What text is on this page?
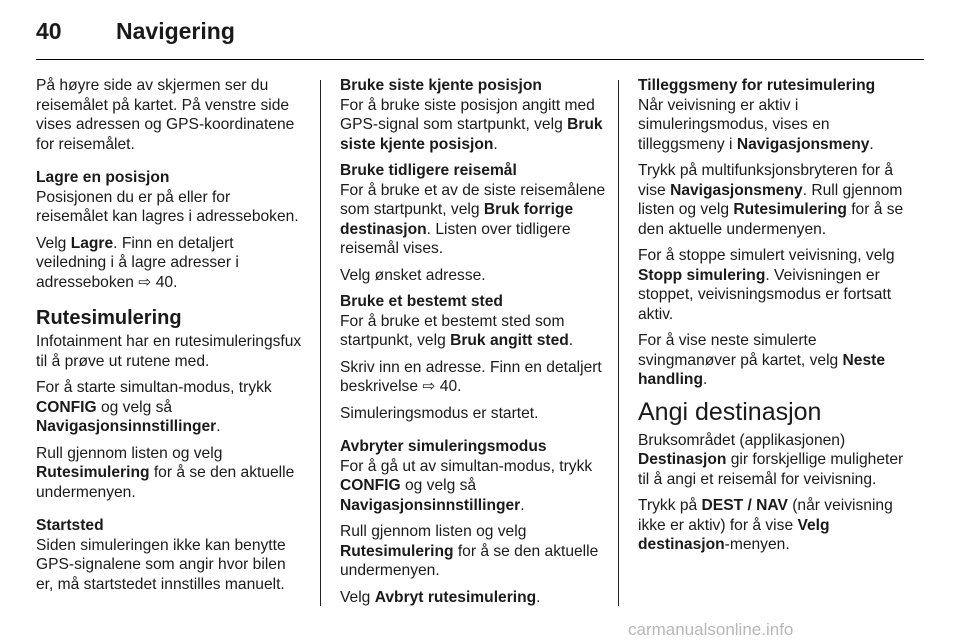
40 Navigering

På høyre side av skjermen ser du reisemålet på kartet. På venstre side vises adressen og GPS-koordinatene for reisemålet.

Lagre en posisjon

Posisjonen du er på eller for reisemålet kan lagres i adresseboken.

Velg Lagre. Finn en detaljert veiledning i å lagre adresser i adresseboken ⇨ 40.

Rutesimulering

Infotainment har en rutesimuleringsfux til å prøve ut rutene med.

For å starte simultan-modus, trykk CONFIG og velg så Navigasjonsinnstillinger.

Rull gjennom listen og velg Rutesimulering for å se den aktuelle undermenyen.

Startsted

Siden simuleringen ikke kan benytte GPS-signalene som angir hvor bilen er, må startstedet innstilles manuelt.

Bruke siste kjente posisjon

For å bruke siste posisjon angitt med GPS-signal som startpunkt, velg Bruk siste kjente posisjon.

Bruke tidligere reisemål

For å bruke et av de siste reisemålene som startpunkt, velg Bruk forrige destinasjon. Listen over tidligere reisemål vises.

Velg ønsket adresse.

Bruke et bestemt sted

For å bruke et bestemt sted som startpunkt, velg Bruk angitt sted.

Skriv inn en adresse. Finn en detaljert beskrivelse ⇨ 40.

Simuleringsmodus er startet.

Avbryter simuleringsmodus

For å gå ut av simultan-modus, trykk CONFIG og velg så Navigasjonsinnstillinger.

Rull gjennom listen og velg Rutesimulering for å se den aktuelle undermenyen.

Velg Avbryt rutesimulering.

Tilleggsmeny for rutesimulering

Når veivisning er aktiv i simuleringsmodus, vises en tilleggsmeny i Navigasjonsmeny.

Trykk på multifunksjonsbryteren for å vise Navigasjonsmeny. Rull gjennom listen og velg Rutesimulering for å se den aktuelle undermenyen.

For å stoppe simulert veivisning, velg Stopp simulering. Veivisningen er stoppet, veivisningsmodus er fortsatt aktiv.

For å vise neste simulerte svingmanøver på kartet, velg Neste handling.

Angi destinasjon

Bruksområdet (applikasjonen)
Destinasjon gir forskjellige muligheter til å angi et reisemål for veivisning.

Trykk på DEST / NAV (når veivisning ikke er aktiv) for å vise Velg destinasjon-menyen.

carmanualsonline.info
